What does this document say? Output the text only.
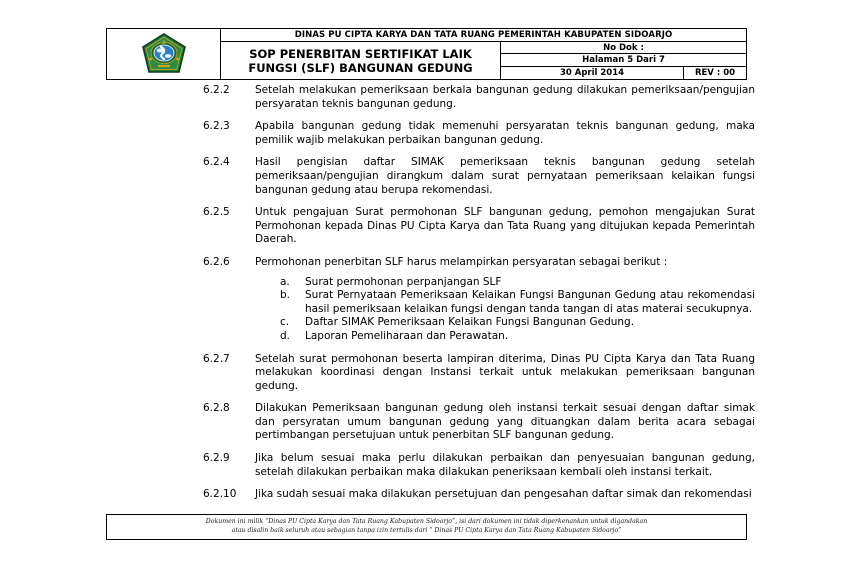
DINAS PU CIPTA KARYA DAN TATA RUANG PEMERINTAH KABUPATEN SIDOARJO
SOP PENERBITAN SERTIFIKAT LAIK
FUNGSI (SLF) BANGUNAN GEDUNG
No Dok :
Halaman 5 Dari 7
30 April 2014	REV : 00
6.2.2	Setelah melakukan pemeriksaan berkala bangunan gedung dilakukan pemeriksaan/pengujian persyaratan teknis bangunan gedung.
6.2.3	Apabila bangunan gedung tidak memenuhi persyaratan teknis bangunan gedung, maka pemilik wajib melakukan perbaikan bangunan gedung.
6.2.4	Hasil pengisian daftar SIMAK pemeriksaan teknis bangunan gedung setelah pemeriksaan/pengujian dirangkum dalam surat pernyataan pemeriksaan kelaikan fungsi bangunan gedung atau berupa rekomendasi.
6.2.5	Untuk pengajuan Surat permohonan SLF bangunan gedung, pemohon mengajukan Surat Permohonan kepada Dinas PU Cipta Karya dan Tata Ruang yang ditujukan kepada Pemerintah Daerah.
6.2.6	Permohonan penerbitan SLF harus melampirkan persyaratan sebagai berikut :
a.	Surat permohonan perpanjangan SLF
b.	Surat Pernyataan Pemeriksaan Kelaikan Fungsi Bangunan Gedung atau rekomendasi hasil pemeriksaan kelaikan fungsi dengan tanda tangan di atas materai secukupnya.
c.	Daftar SIMAK Pemeriksaan Kelaikan Fungsi Bangunan Gedung.
d.	Laporan Pemeliharaan dan Perawatan.
6.2.7	Setelah surat permohonan beserta lampiran diterima, Dinas PU Cipta Karya dan Tata Ruang melakukan koordinasi dengan Instansi terkait untuk melakukan pemeriksaan bangunan gedung.
6.2.8	Dilakukan Pemeriksaan bangunan gedung oleh instansi terkait sesuai dengan daftar simak dan persyratan umum bangunan gedung yang dituangkan dalam berita acara sebagai pertimbangan persetujuan untuk penerbitan SLF bangunan gedung.
6.2.9	Jika belum sesuai maka perlu dilakukan perbaikan dan penyesuaian bangunan gedung, setelah dilakukan perbaikan maka dilakukan peneriksaan kembali oleh instansi terkait.
6.2.10	Jika sudah sesuai maka dilakukan persetujuan dan pengesahan daftar simak dan rekomendasi
Dokumen ini milik “Dinas PU Cipta Karya dan Tata Ruang Kabupaten Sidoarjo”, isi dari dokumen ini tidak diperkenankan untuk digandakan
atau disalin baik seluruh atau sebagian tanpa izin tertulis dari “ Dinas PU Cipta Karya dan Tata Ruang Kabupaten Sidoarjo”
